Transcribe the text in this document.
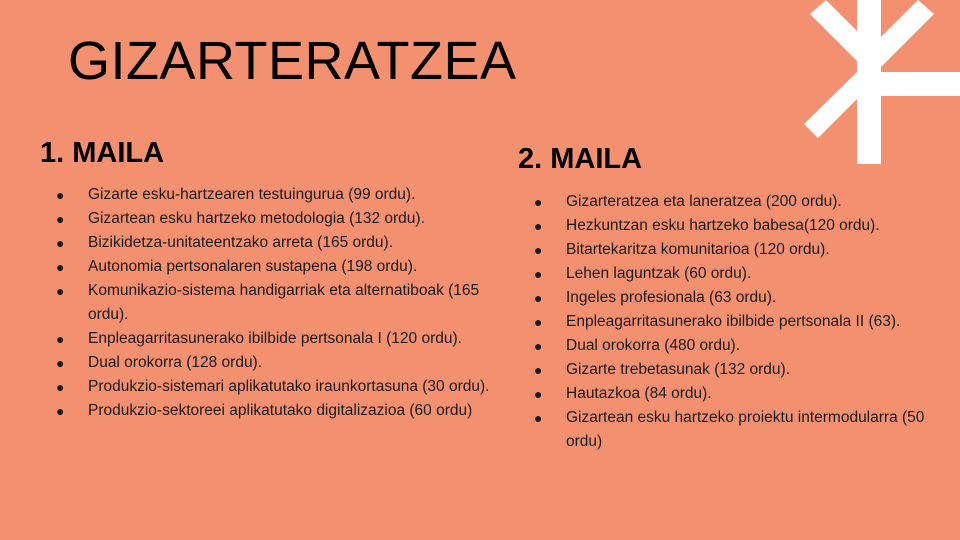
GIZARTERATZEA
1. MAILA
● Gizarte esku-hartzearen testuingurua (99 ordu).
● Gizartean esku hartzeko metodologia (132 ordu).
● Bizikidetza-unitateentzako arreta (165 ordu).
● Autonomia pertsonalaren sustapena (198 ordu).
● Komunikazio-sistema handigarriak eta alternatiboak (165 ordu).
● Enpleagarritasunerako ibilbide pertsonala I (120 ordu).
● Dual orokorra (128 ordu).
● Produkzio-sistemari aplikatutako iraunkortasuna (30 ordu).
● Produkzio-sektoreei aplikatutako digitalizazioa (60 ordu)
2. MAILA
● Gizarteratzea eta laneratzea (200 ordu).
● Hezkuntzan esku hartzeko babesa(120 ordu).
● Bitartekaritza komunitarioa (120 ordu).
● Lehen laguntzak (60 ordu).
● Ingeles profesionala (63 ordu).
● Enpleagarritasunerako ibilbide pertsonala II (63).
● Dual orokorra (480 ordu).
● Gizarte trebetasunak (132 ordu).
● Hautazkoa (84 ordu).
● Gizartean esku hartzeko proiektu intermodularra (50 ordu)
